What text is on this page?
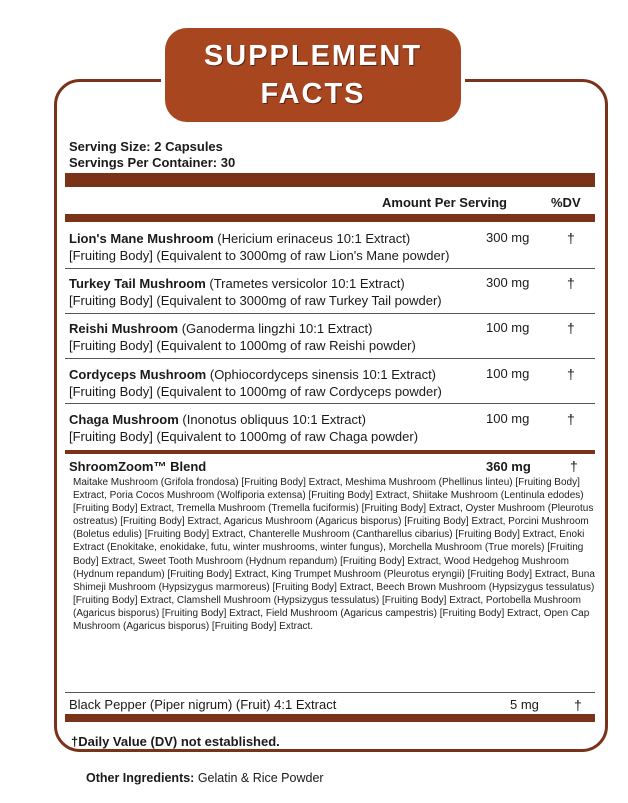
SUPPLEMENT
FACTS
Serving Size: 2 Capsules
Servings Per Container: 30
Amount Per Serving	%DV
Lion's Mane Mushroom (Hericium erinaceus 10:1 Extract)
[Fruiting Body] (Equivalent to 3000mg of raw Lion's Mane powder)
300 mg	†
Turkey Tail Mushroom (Trametes versicolor 10:1 Extract)
[Fruiting Body] (Equivalent to 3000mg of raw Turkey Tail powder)
300 mg	†
Reishi Mushroom (Ganoderma lingzhi 10:1 Extract)
[Fruiting Body] (Equivalent to 1000mg of raw Reishi powder)
100 mg	†
Cordyceps Mushroom (Ophiocordyceps sinensis 10:1 Extract)
[Fruiting Body] (Equivalent to 1000mg of raw Cordyceps powder)
100 mg	†
Chaga Mushroom (Inonotus obliquus 10:1 Extract)
[Fruiting Body] (Equivalent to 1000mg of raw Chaga powder)
100 mg	†
ShroomZoom™ Blend	360 mg	†
Maitake Mushroom (Grifola frondosa) [Fruiting Body] Extract, Meshima Mushroom (Phellinus linteu) [Fruiting Body] Extract, Poria Cocos Mushroom (Wolfiporia extensa) [Fruiting Body] Extract, Shiitake Mushroom (Lentinula edodes) [Fruiting Body] Extract, Tremella Mushroom (Tremella fuciformis) [Fruiting Body] Extract, Oyster Mushroom (Pleurotus ostreatus) [Fruiting Body] Extract, Agaricus Mushroom (Agaricus bisporus) [Fruiting Body] Extract, Porcini Mushroom (Boletus edulis) [Fruiting Body] Extract, Chanterelle Mushroom (Cantharellus cibarius) [Fruiting Body] Extract, Enoki Extract (Enokitake, enokidake, futu, winter mushrooms, winter fungus), Morchella Mushroom (True morels) [Fruiting Body] Extract, Sweet Tooth Mushroom (Hydnum repandum) [Fruiting Body] Extract, Wood Hedgehog Mushroom (Hydnum repandum) [Fruiting Body] Extract, King Trumpet Mushroom (Pleurotus eryngii) [Fruiting Body] Extract, Buna Shimeji Mushroom (Hypsizygus marmoreus) [Fruiting Body] Extract, Beech Brown Mushroom (Hypsizygus tessulatus) [Fruiting Body] Extract, Clamshell Mushroom (Hypsizygus tessulatus) [Fruiting Body] Extract, Portobella Mushroom (Agaricus bisporus) [Fruiting Body] Extract, Field Mushroom (Agaricus campestris) [Fruiting Body] Extract, Open Cap Mushroom (Agaricus bisporus) [Fruiting Body] Extract.
Black Pepper (Piper nigrum) (Fruit) 4:1 Extract	5 mg	†
†Daily Value (DV) not established.
Other Ingredients: Gelatin & Rice Powder
